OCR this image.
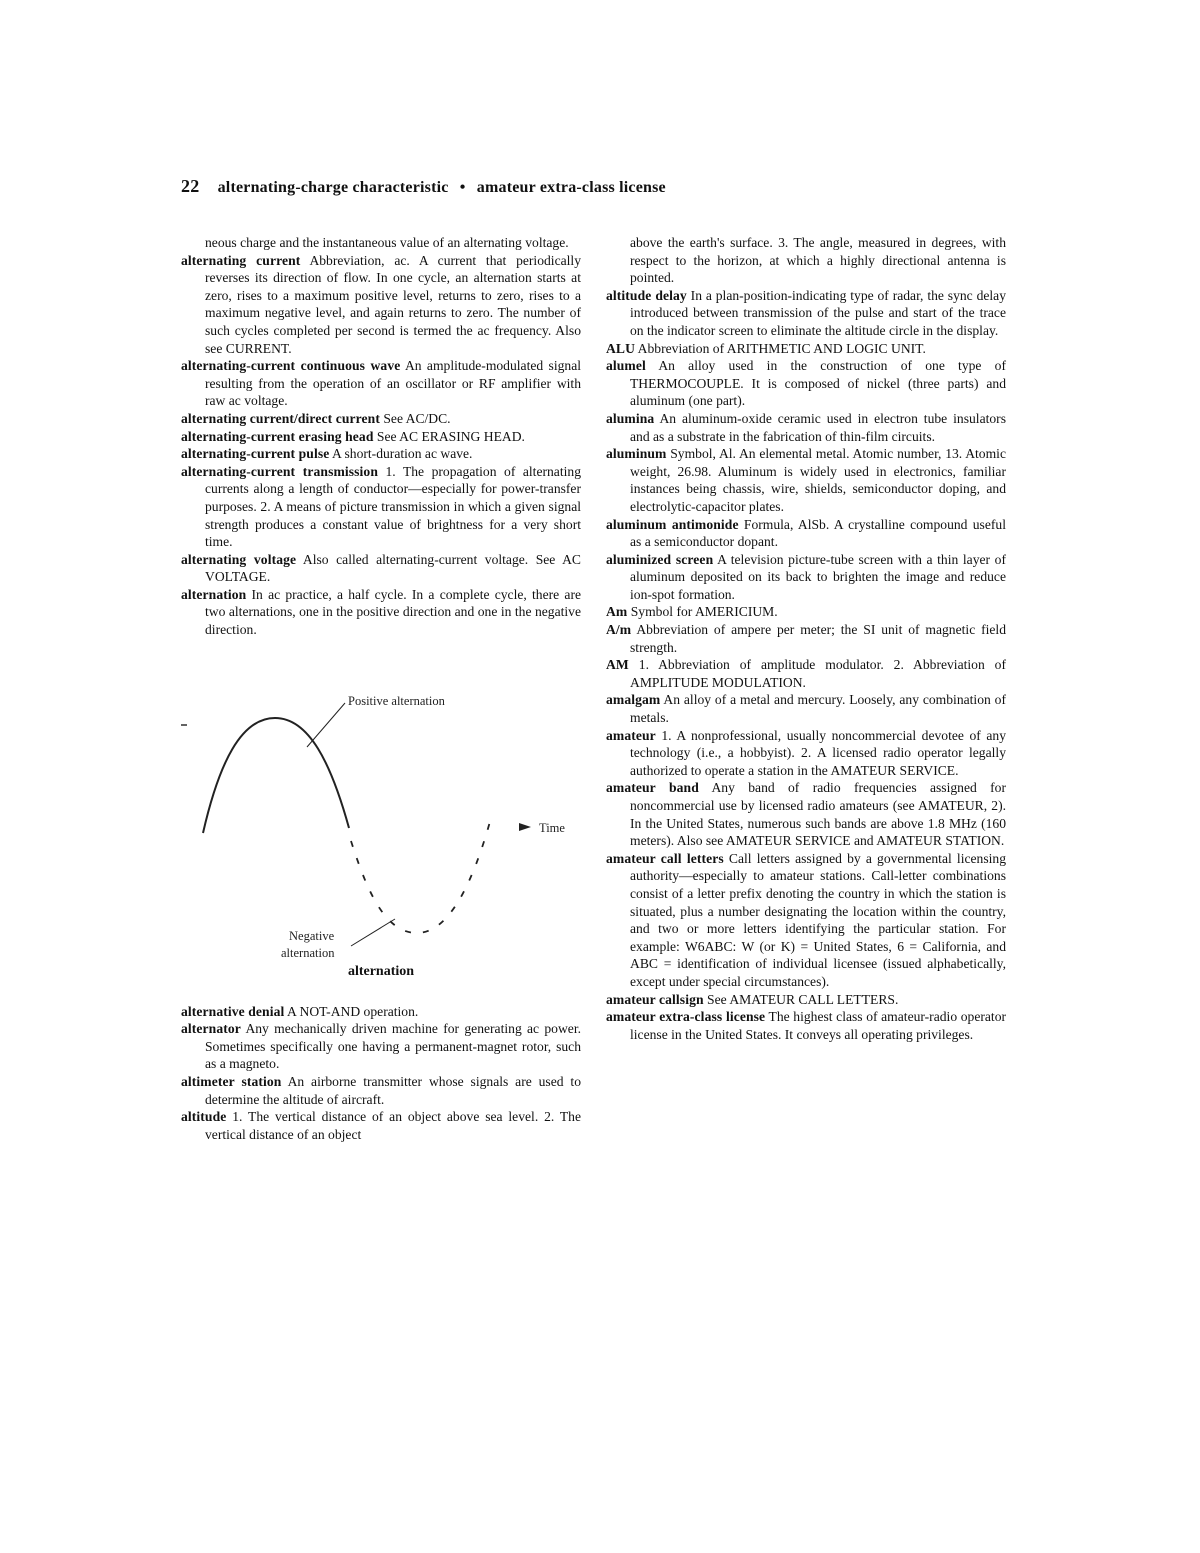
22 alternating-charge characteristic • amateur extra-class license

neous charge and the instantaneous value of an alternating voltage.

alternating current Abbreviation, ac. A current that periodically reverses its direction of flow. In one cycle, an alternation starts at zero, rises to a maximum positive level, returns to zero, rises to a maximum negative level, and again returns to zero. The number of such cycles completed per second is termed the ac frequency. Also see CURRENT.

alternating-current continuous wave An amplitude-modulated signal resulting from the operation of an oscillator or RF amplifier with raw ac voltage.

alternating current/direct current See AC/DC.

alternating-current erasing head See AC ERASING HEAD.

alternating-current pulse A short-duration ac wave.

alternating-current transmission 1. The propagation of alternating currents along a length of conductor—especially for power-transfer purposes. 2. A means of picture transmission in which a given signal strength produces a constant value of brightness for a very short time.

alternating voltage Also called alternating-current voltage. See AC VOLTAGE.

alternation In ac practice, a half cycle. In a complete cycle, there are two alternations, one in the positive direction and one in the negative direction.

Positive alternation
Time
Negative
alternation
alternation

alternative denial A NOT-AND operation.

alternator Any mechanically driven machine for generating ac power. Sometimes specifically one having a permanent-magnet rotor, such as a magneto.

altimeter station An airborne transmitter whose signals are used to determine the altitude of aircraft.

altitude 1. The vertical distance of an object above sea level. 2. The vertical distance of an object

above the earth's surface. 3. The angle, measured in degrees, with respect to the horizon, at which a highly directional antenna is pointed.

altitude delay In a plan-position-indicating type of radar, the sync delay introduced between transmission of the pulse and start of the trace on the indicator screen to eliminate the altitude circle in the display.

ALU Abbreviation of ARITHMETIC AND LOGIC UNIT.

alumel An alloy used in the construction of one type of THERMOCOUPLE. It is composed of nickel (three parts) and aluminum (one part).

alumina An aluminum-oxide ceramic used in electron tube insulators and as a substrate in the fabrication of thin-film circuits.

aluminum Symbol, Al. An elemental metal. Atomic number, 13. Atomic weight, 26.98. Aluminum is widely used in electronics, familiar instances being chassis, wire, shields, semiconductor doping, and electrolytic-capacitor plates.

aluminum antimonide Formula, AlSb. A crystalline compound useful as a semiconductor dopant.

aluminized screen A television picture-tube screen with a thin layer of aluminum deposited on its back to brighten the image and reduce ion-spot formation.

Am Symbol for AMERICIUM.

A/m Abbreviation of ampere per meter; the SI unit of magnetic field strength.

AM 1. Abbreviation of amplitude modulator. 2. Abbreviation of AMPLITUDE MODULATION.

amalgam An alloy of a metal and mercury. Loosely, any combination of metals.

amateur 1. A nonprofessional, usually noncommercial devotee of any technology (i.e., a hobbyist). 2. A licensed radio operator legally authorized to operate a station in the AMATEUR SERVICE.

amateur band Any band of radio frequencies assigned for noncommercial use by licensed radio amateurs (see AMATEUR, 2). In the United States, numerous such bands are above 1.8 MHz (160 meters). Also see AMATEUR SERVICE and AMATEUR STATION.

amateur call letters Call letters assigned by a governmental licensing authority—especially to amateur stations. Call-letter combinations consist of a letter prefix denoting the country in which the station is situated, plus a number designating the location within the country, and two or more letters identifying the particular station. For example: W6ABC: W (or K) = United States, 6 = California, and ABC = identification of individual licensee (issued alphabetically, except under special circumstances).

amateur callsign See AMATEUR CALL LETTERS.

amateur extra-class license The highest class of amateur-radio operator license in the United States. It conveys all operating privileges.
